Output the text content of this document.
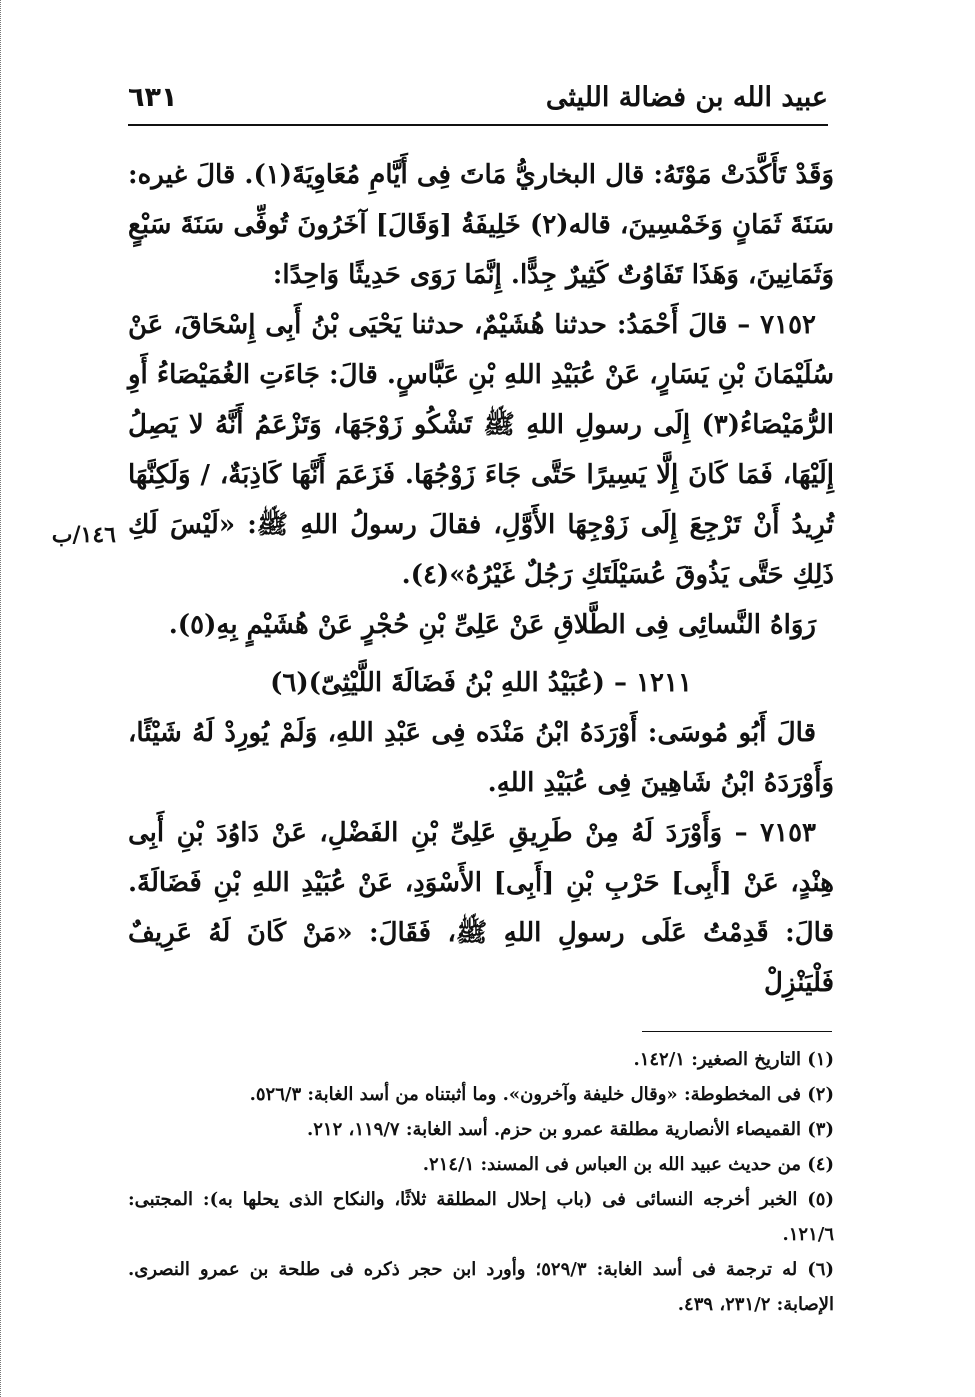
عبيد الله بن فضالة الليثى
٦٣١
١٤٦/ب

وَقَدْ تَأَكَّدَتْ مَوْتَهُ: قال البخاريُّ مَاتَ فِى أَيَّامِ مُعَاوِيَةَ(١). قالَ غيره: سَنَةَ ثَمَانٍ وَخَمْسِينَ، قاله(٢) خَلِيفَةُ [وَقَالَ] آخَرُونَ تُوفِّى سَنَةَ سَبْعٍ وَثَمَانِينَ، وَهَذَا تَفَاوُتٌ كَثِيرٌ جِدًّا. إِنَّمَا رَوَى حَدِيثًا وَاحِدًا:

٧١٥٢ – قالَ أَحْمَدُ: حدثنا هُشَيْمٌ، حدثنا يَحْيَى بْنُ أَبِى إِسْحَاقَ، عَنْ سُلَيْمَانَ بْنِ يَسَارٍ، عَنْ عُبَيْدِ اللهِ بْنِ عَبَّاسٍ. قالَ: جَاءَتِ الغُمَيْصَاءُ أَوِ الرُّمَيْصَاءُ(٣) إِلَى رسولِ اللهِ ﷺ تَشْكُو زَوْجَهَا، وَتَزْعَمُ أَنَّهُ لا يَصِلُ إِلَيْهَا، فَمَا كَانَ إِلَّا يَسِيرًا حَتَّى جَاءَ زَوْجُهَا. فَزَعَمَ أَنَّهَا كَاذِبَةٌ، / وَلَكِنَّهَا تُرِيدُ أَنْ تَرْجِعَ إِلَى زَوْجِهَا الأَوَّلِ، فقالَ رسولُ اللهِ ﷺ: «لَيْسَ لَكِ ذَلِكِ حَتَّى يَذُوقَ عُسَيْلَتَكِ رَجُلٌ غَيْرُهُ»(٤).

رَوَاهُ النَّسائِى فِى الطَّلاقِ عَنْ عَلِىِّ بْنِ حُجْرٍ عَنْ هُشَيْمٍ بِهِ(٥).

١٢١١ – (عُبَيْدُ اللهِ بْنُ فَضَالَةَ اللَّيْثِىّ)(٦)

قالَ أَبُو مُوسَى: أَوْرَدَهُ ابْنُ مَنْدَه فِى عَبْدِ اللهِ، وَلَمْ يُورِدْ لَهُ شَيْئًا، وَأَوْرَدَهُ ابْنُ شَاهِينَ فِى عُبَيْدِ اللهِ.

٧١٥٣ – وَأَوْرَدَ لَهُ مِنْ طَرِيقِ عَلِىِّ بْنِ الفَضْلِ، عَنْ دَاوُدَ بْنِ أَبِى هِنْدٍ، عَنْ [أَبِى] حَرْبِ بْنِ [أَبِى] الأَسْوَدِ، عَنْ عُبَيْدِ اللهِ بْنِ فَضَالَةَ. قالَ: قَدِمْتُ عَلَى رسولِ اللهِ ﷺ، فَقَالَ: «مَنْ كَانَ لَهُ عَرِيفٌ فَلْيَنْزِلْ

(١) التاريخ الصغير: ١٤٢/١.

(٢) فى المخطوطة: «وقال خليفة وآخرون». وما أثبتناه من أسد الغابة: ٥٢٦/٣.

(٣) القميصاء الأنصارية مطلقة عمرو بن حزم. أسد الغابة: ١١٩/٧، ٢١٢.

(٤) من حديث عبيد الله بن العباس فى المسند: ٢١٤/١.

(٥) الخبر أخرجه النسائى فى (باب إحلال المطلقة ثلاثًا، والنكاح الذى يحلها به): المجتبى: ١٢١/٦.

(٦) له ترجمة فى أسد الغابة: ٥٢٩/٣؛ وأورد ابن حجر ذكره فى طلحة بن عمرو النصرى. الإصابة: ٢٣١/٢، ٤٣٩.
